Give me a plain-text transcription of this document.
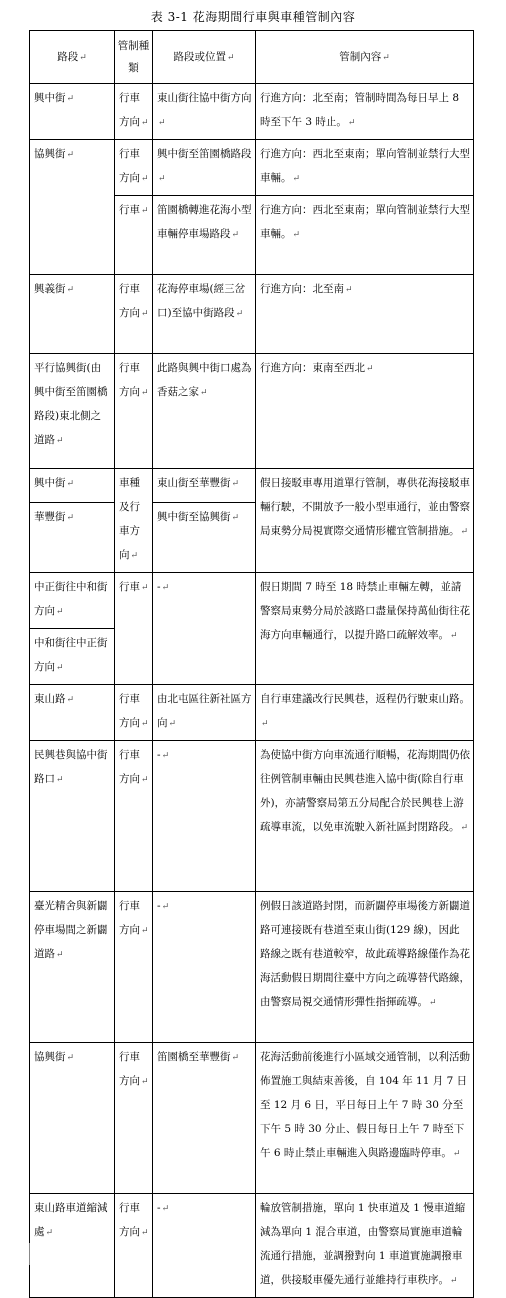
表 3-1 花海期間行車與車種管制內容
路段↵	管制種類	路段或位置↵	管制內容↵
興中街↵	行車方向↵	東山街往協中街方向↵	行進方向：北至南；管制時間為每日早上 8 時至下午 3 時止。↵
協興街↵	行車方向↵	興中街至笛園橋路段↵	行進方向：西北至東南；單向管制並禁行大型車輛。↵
	行車↵	笛園橋轉進花海小型車輛停車場路段↵	行進方向：西北至東南；單向管制並禁行大型車輛。↵
興義街↵	行車方向↵	花海停車場(經三岔口)至協中街路段↵	行進方向：北至南↵
平行協興街(由興中街至笛園橋路段)東北側之道路↵	行車方向↵	此路與興中街口處為香菇之家↵	行進方向：東南至西北↵
興中街↵	車種及行車方向↵	東山街至華豐街↵	假日接駁車專用道單行管制，專供花海接駁車輛行駛，不開放予一般小型車通行，並由警察局東勢分局視實際交通情形權宜管制措施。↵
華豐街↵		興中街至協興街↵	
中正街往中和街方向↵	行車↵	-↵	假日期間 7 時至 18 時禁止車輛左轉，並請警察局東勢分局於該路口盡量保持萬仙街往花海方向車輛通行，以提升路口疏解效率。↵
中和街往中正街方向↵			
東山路↵	行車方向↵	由北屯區往新社區方向↵	自行車建議改行民興巷，返程仍行駛東山路。↵
民興巷與協中街路口↵	行車方向↵	-↵	為使協中街方向車流通行順暢，花海期間仍依往例管制車輛由民興巷進入協中街(除自行車外)，亦請警察局第五分局配合於民興巷上游疏導車流，以免車流駛入新社區封閉路段。↵
臺光精舍與新闢停車場間之新闢道路↵	行車方向↵	-↵	例假日該道路封閉，而新闢停車場後方新闢道路可連接既有巷道至東山街(129 線)，因此路線之既有巷道較窄，故此疏導路線僅作為花海活動假日期間往臺中方向之疏導替代路線，由警察局視交通情形彈性指揮疏導。↵
協興街↵	行車方向↵	笛園橋至華豐街↵	花海活動前後進行小區域交通管制，以利活動佈置施工與結束善後，自 104 年 11 月 7 日至 12 月 6 日，平日每日上午 7 時 30 分至下午 5 時 30 分止、假日每日上午 7 時至下午 6 時止禁止車輛進入與路邊臨時停車。↵
東山路車道縮減處↵	行車方向↵	-↵	輪放管制措施，單向 1 快車道及 1 慢車道縮減為單向 1 混合車道，由警察局實施車道輪流通行措施，並調撥對向 1 車道實施調撥車道，供接駁車優先通行並維持行車秩序。↵
